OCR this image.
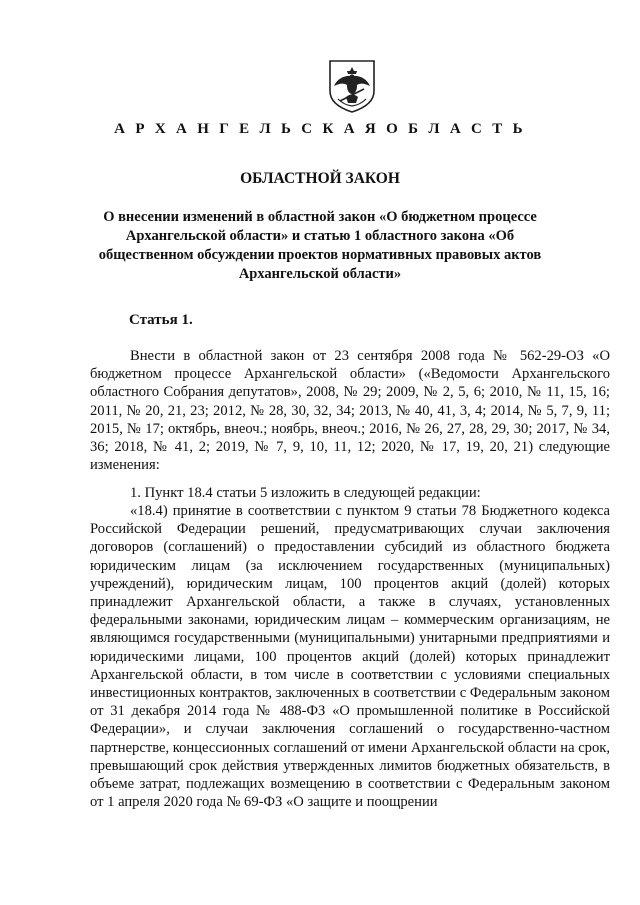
А Р Х А Н Г Е Л Ь С К А Я О Б Л А С Т Ь
ОБЛАСТНОЙ ЗАКОН
О внесении изменений в областной закон «О бюджетном процессе Архангельской области» и статью 1 областного закона «Об общественном обсуждении проектов нормативных правовых актов Архангельской области»
Статья 1.

Внести в областной закон от 23 сентября 2008 года № 562-29-ОЗ «О бюджетном процессе Архангельской области» («Ведомости Архангельского областного Собрания депутатов», 2008, № 29; 2009, № 2, 5, 6; 2010, № 11, 15, 16; 2011, № 20, 21, 23; 2012, № 28, 30, 32, 34; 2013, № 40, 41, 3, 4; 2014, № 5, 7, 9, 11; 2015, № 17; октябрь, внеоч.; ноябрь, внеоч.; 2016, № 26, 27, 28, 29, 30; 2017, № 34, 36; 2018, № 41, 2; 2019, № 7, 9, 10, 11, 12; 2020, № 17, 19, 20, 21) следующие изменения:

1. Пункт 18.4 статьи 5 изложить в следующей редакции:

«18.4) принятие в соответствии с пунктом 9 статьи 78 Бюджетного кодекса Российской Федерации решений, предусматривающих случаи заключения договоров (соглашений) о предоставлении субсидий из областного бюджета юридическим лицам (за исключением государственных (муниципальных) учреждений), юридическим лицам, 100 процентов акций (долей) которых принадлежит Архангельской области, а также в случаях, установленных федеральными законами, юридическим лицам – коммерческим организациям, не являющимся государственными (муниципальными) унитарными предприятиями и юридическими лицами, 100 процентов акций (долей) которых принадлежит Архангельской области, в том числе в соответствии с условиями специальных инвестиционных контрактов, заключенных в соответствии с Федеральным законом от 31 декабря 2014 года № 488-ФЗ «О промышленной политике в Российской Федерации», и случаи заключения соглашений о государственно-частном партнерстве, концессионных соглашений от имени Архангельской области на срок, превышающий срок действия утвержденных лимитов бюджетных обязательств, в объеме затрат, подлежащих возмещению в соответствии с Федеральным законом от 1 апреля 2020 года № 69-ФЗ «О защите и поощрении
